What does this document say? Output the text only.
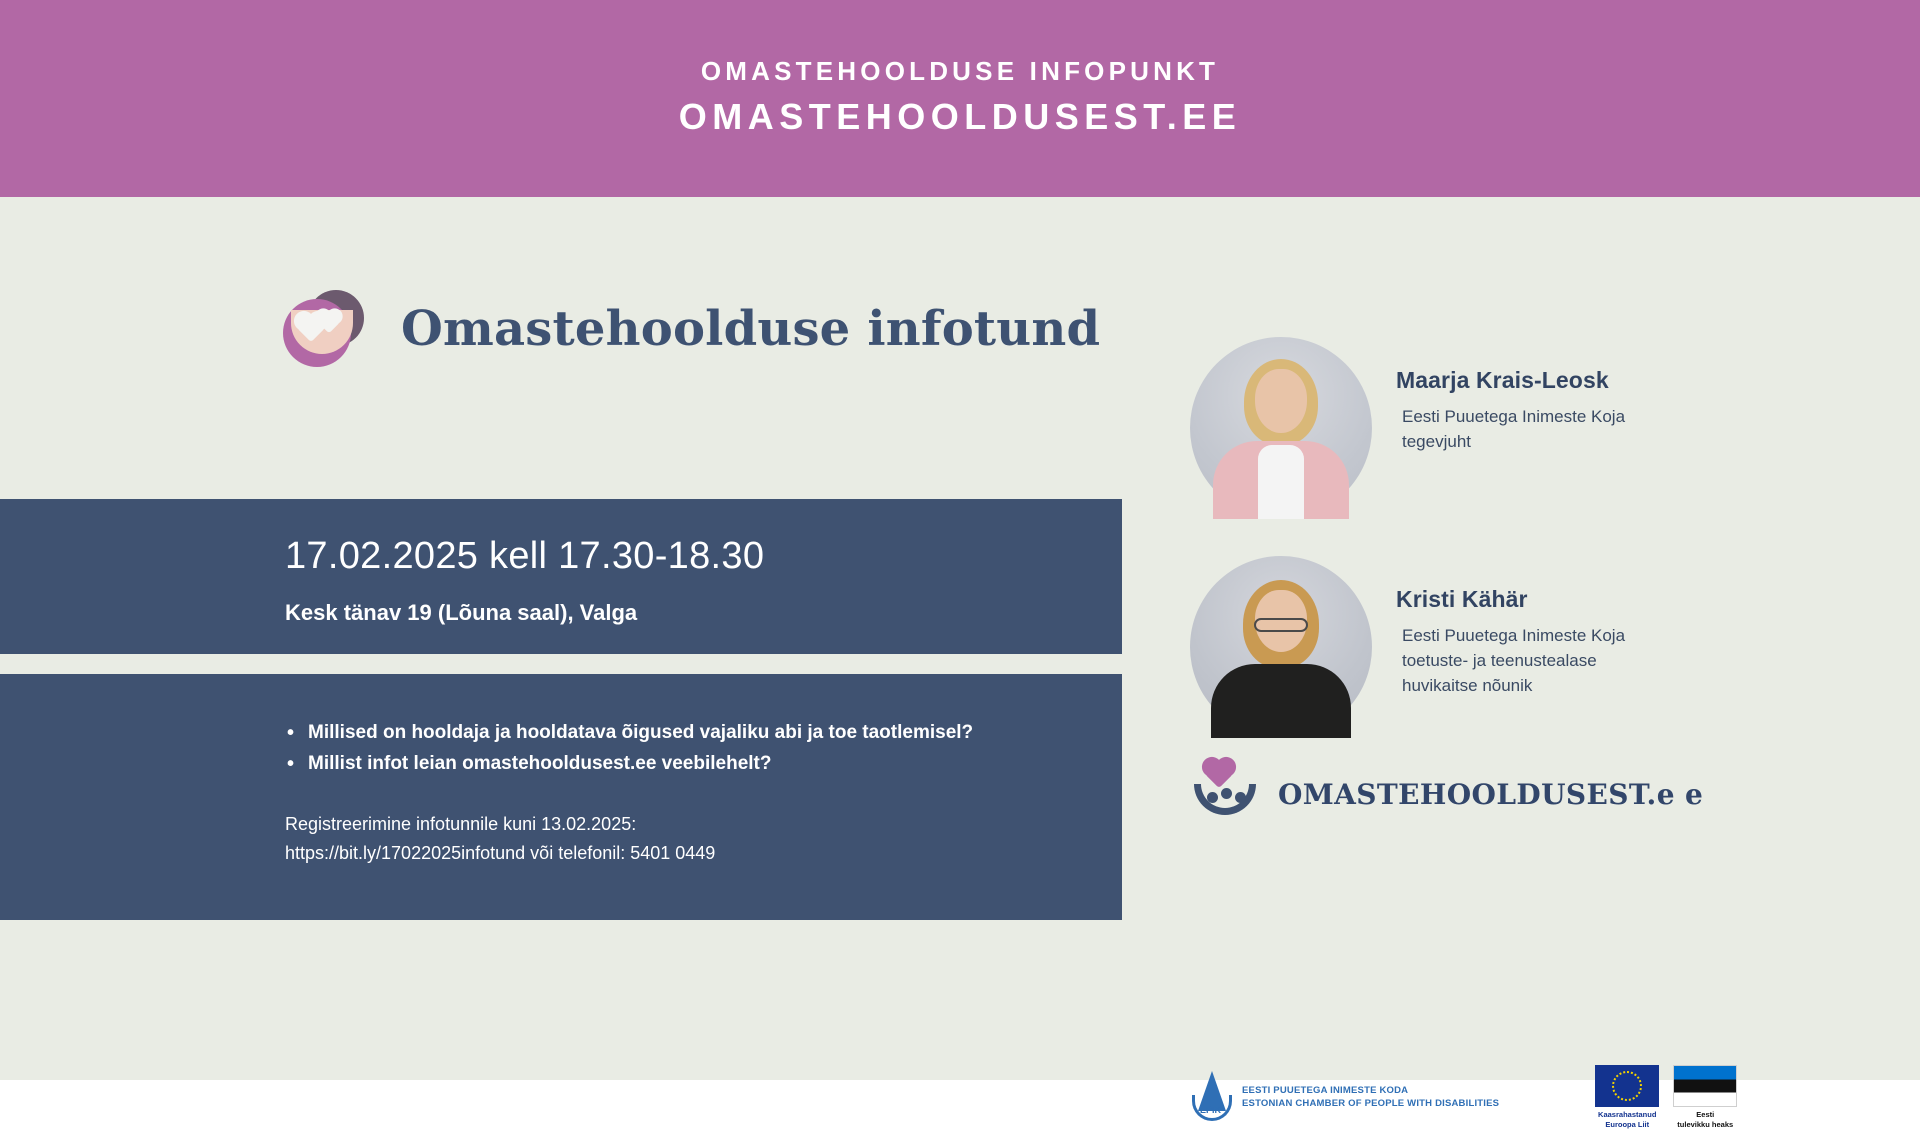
OMASTEHOOLDUSE INFOPUNKT
OMASTEHOOLDUSEST.EE
Omastehoolduse infotund
17.02.2025 kell 17.30-18.30
Kesk tänav 19 (Lõuna saal), Valga
• Millised on hooldaja ja hooldatava õigused vajaliku abi ja toe taotlemisel?
• Millist infot leian omastehooldusest.ee veebilehelt?
Registreerimine infotunnile kuni 13.02.2025:
https://bit.ly/17022025infotund või telefonil: 5401 0449
Maarja Krais-Leosk
Eesti Puuetega Inimeste Koja tegevjuht
Kristi Kähär
Eesti Puuetega Inimeste Koja toetuste- ja teenustealase huvikaitse nõunik
OMASTEHOOLDUSEST.e e
EPIK
EESTI PUUETEGA INIMESTE KODA
ESTONIAN CHAMBER OF PEOPLE WITH DISABILITIES
Kaasrahastanud
Euroopa Liit
Eesti
tulevikku heaks
